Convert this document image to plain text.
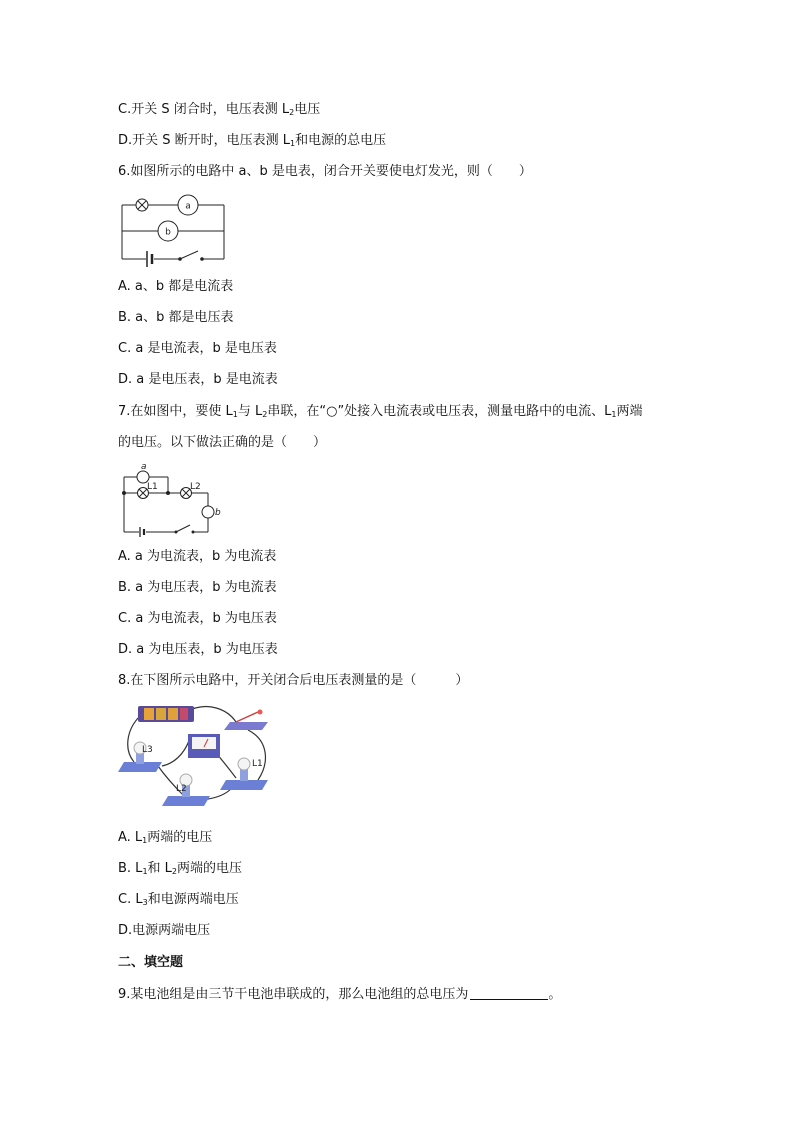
C.开关 S 闭合时，电压表测 $L_2$电压
D.开关 S 断开时，电压表测 $L_1$和电源的总电压
6.如图所示的电路中 a、b 是电表，闭合开关要使电灯发光，则（　　）
a
b
A. a、b 都是电流表
B. a、b 都是电压表
C. a 是电流表，b 是电压表
D. a 是电压表，b 是电流表
7.在如图中，要使 $L_1$与 $L_2$串联，在“○”处接入电流表或电压表，测量电路中的电流、$L_1$两端
的电压。以下做法正确的是（　　）
a
b
L1	L2
A. a 为电流表，b 为电流表
B. a 为电压表，b 为电流表
C. a 为电流表，b 为电压表
D. a 为电压表，b 为电压表
8.在下图所示电路中，开关闭合后电压表测量的是（　　　）
L3
L2
L1
A. $L_1$两端的电压
B. $L_1$和 $L_2$两端的电压
C. $L_3$和电源两端电压
D.电源两端电压
二、填空题
9.某电池组是由三节干电池串联成的，那么电池组的总电压为	。
